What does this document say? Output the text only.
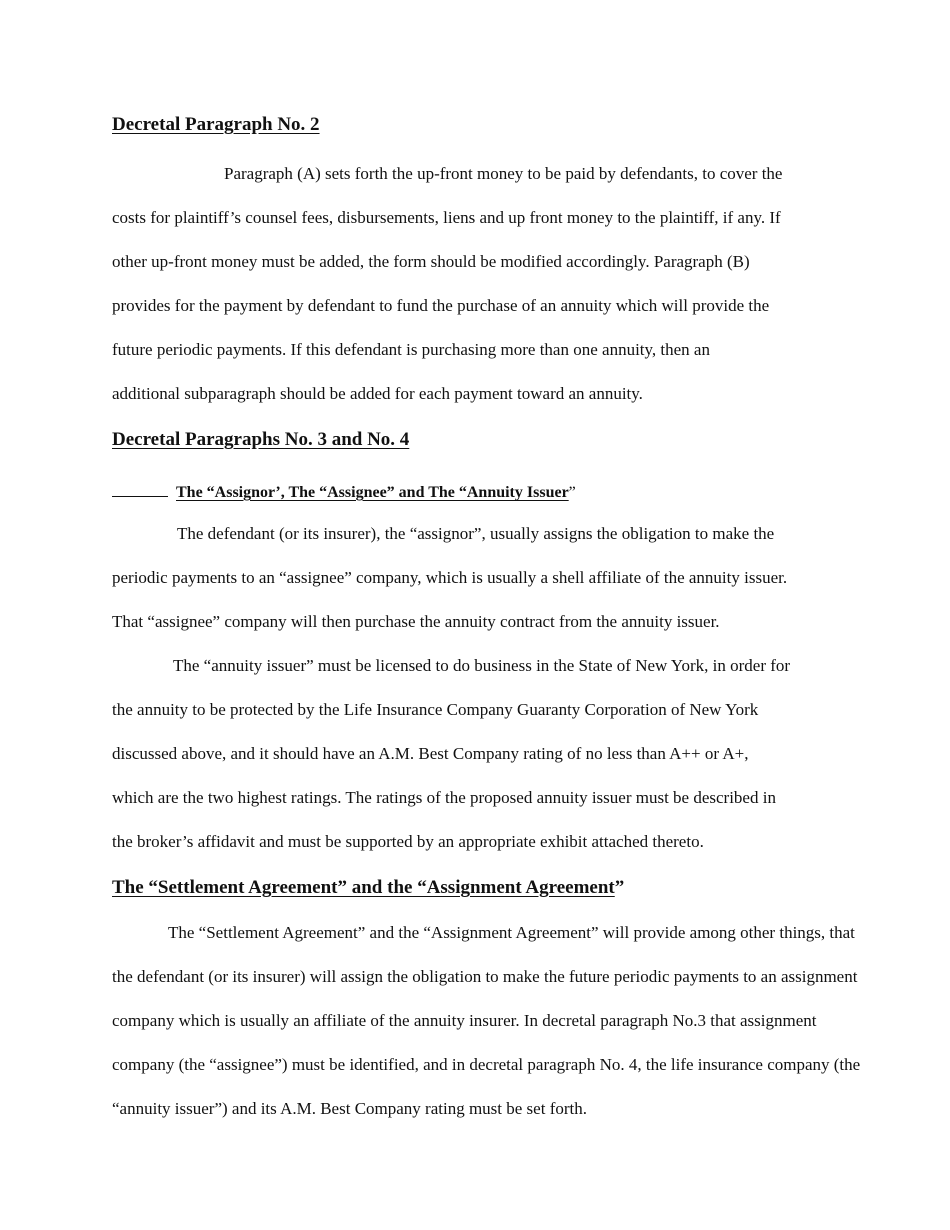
Decretal Paragraph No. 2
Paragraph (A) sets forth the up-front money to be paid by defendants, to cover the
costs for plaintiff’s counsel fees, disbursements, liens and up front money to the plaintiff, if any. If
other up-front money must be added, the form should be modified accordingly. Paragraph (B)
provides for the payment by defendant to fund the purchase of an annuity which will provide the
future periodic payments. If this defendant is purchasing more than one annuity, then an
additional subparagraph should be added for each payment toward an annuity.
Decretal Paragraphs No. 3 and No. 4
The “Assignor’, The “Assignee” and The “Annuity Issuer”
The defendant (or its insurer), the “assignor”, usually assigns the obligation to make the
periodic payments to an “assignee” company, which is usually a shell affiliate of the annuity issuer.
That “assignee” company will then purchase the annuity contract from the annuity issuer.
The “annuity issuer” must be licensed to do business in the State of New York, in order for
the annuity to be protected by the Life Insurance Company Guaranty Corporation of New York
discussed above, and it should have an A.M. Best Company rating of no less than A++ or A+,
which are the two highest ratings. The ratings of the proposed annuity issuer must be described in
the broker’s affidavit and must be supported by an appropriate exhibit attached thereto.
The “Settlement Agreement” and the “Assignment Agreement”
The “Settlement Agreement” and the “Assignment Agreement” will provide among other things, that
the defendant (or its insurer) will assign the obligation to make the future periodic payments to an assignment
company which is usually an affiliate of the annuity insurer. In decretal paragraph No.3 that assignment
company (the “assignee”) must be identified, and in decretal paragraph No. 4, the life insurance company (the
“annuity issuer”) and its A.M. Best Company rating must be set forth.
